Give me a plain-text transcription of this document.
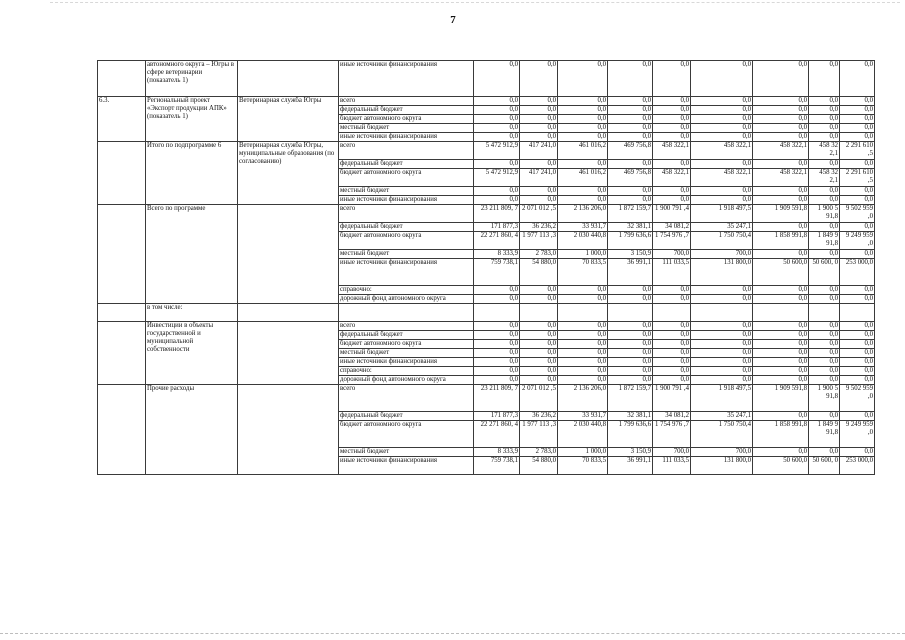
7
	автономного округа – Югры в сфере ветеринарии (показатель 1)		иные источники финансирования	0,0	0,0	0,0	0,0	0,0	0,0	0,0	0,0	0,0
6.3.	Региональный проект «Экспорт продукции АПК» (показатель 1)	Ветеринарная служба Югры	всего	0,0	0,0	0,0	0,0	0,0	0,0	0,0	0,0	0,0
			федеральный бюджет	0,0	0,0	0,0	0,0	0,0	0,0	0,0	0,0	0,0
			бюджет автономного округа	0,0	0,0	0,0	0,0	0,0	0,0	0,0	0,0	0,0
			местный бюджет	0,0	0,0	0,0	0,0	0,0	0,0	0,0	0,0	0,0
			иные источники финансирования	0,0	0,0	0,0	0,0	0,0	0,0	0,0	0,0	0,0
	Итого по подпрограмме 6	Ветеринарная служба Югры, муниципальные образования (по согласованию)	всего	5 472 912,9	417 241,0	461 016,2	469 756,8	458 322,1	458 322,1	458 322,1	458 32 2,1	2 291 610 ,5
			федеральный бюджет	0,0	0,0	0,0	0,0	0,0	0,0	0,0	0,0	0,0
			бюджет автономного округа	5 472 912,9	417 241,0	461 016,2	469 756,8	458 322,1	458 322,1	458 322,1	458 32 2,1	2 291 610 ,5
			местный бюджет	0,0	0,0	0,0	0,0	0,0	0,0	0,0	0,0	0,0
			иные источники финансирования	0,0	0,0	0,0	0,0	0,0	0,0	0,0	0,0	0,0
	Всего по программе		всего	23 211 809, 7	2 071 012 ,5	2 136 206,0	1 872 159,7	1 900 791 ,4	1 918 497,5	1 909 591,8	1 900 5 91,8	9 502 959 ,0
			федеральный бюджет	171 877,3	36 236,2	33 931,7	32 381,1	34 081,2	35 247,1	0,0	0,0	0,0
			бюджет автономного округа	22 271 860, 4	1 977 113 ,3	2 030 440,8	1 799 636,6	1 754 976 ,7	1 750 750,4	1 858 991,8	1 849 9 91,8	9 249 959 ,0
			местный бюджет	8 333,9	2 783,0	1 000,0	3 150,9	700,0	700,0	0,0	0,0	0,0
			иные источники финансирования	759 738,1	54 880,0	70 833,5	36 991,1	111 033,5	131 800,0	50 600,0	50 600, 0	253 000,0
			справочно:	0,0	0,0	0,0	0,0	0,0	0,0	0,0	0,0	0,0
			дорожный фонд автономного округа	0,0	0,0	0,0	0,0	0,0	0,0	0,0	0,0	0,0
	в том числе:											
	Инвестиции в объекты государственной и муниципальной собственности		всего	0,0	0,0	0,0	0,0	0,0	0,0	0,0	0,0	0,0
			федеральный бюджет	0,0	0,0	0,0	0,0	0,0	0,0	0,0	0,0	0,0
			бюджет автономного округа	0,0	0,0	0,0	0,0	0,0	0,0	0,0	0,0	0,0
			местный бюджет	0,0	0,0	0,0	0,0	0,0	0,0	0,0	0,0	0,0
			иные источники финансирования	0,0	0,0	0,0	0,0	0,0	0,0	0,0	0,0	0,0
			справочно:	0,0	0,0	0,0	0,0	0,0	0,0	0,0	0,0	0,0
			дорожный фонд автономного округа	0,0	0,0	0,0	0,0	0,0	0,0	0,0	0,0	0,0
	Прочие расходы		всего	23 211 809, 7	2 071 012 ,5	2 136 206,0	1 872 159,7	1 900 791 ,4	1 918 497,5	1 909 591,8	1 900 5 91,8	9 502 959 ,0
			федеральный бюджет	171 877,3	36 236,2	33 931,7	32 381,1	34 081,2	35 247,1	0,0	0,0	0,0
			бюджет автономного округа	22 271 860, 4	1 977 113 ,3	2 030 440,8	1 799 636,6	1 754 976 ,7	1 750 750,4	1 858 991,8	1 849 9 91,8	9 249 959 ,0
			местный бюджет	8 333,9	2 783,0	1 000,0	3 150,9	700,0	700,0	0,0	0,0	0,0
			иные источники финансирования	759 738,1	54 880,0	70 833,5	36 991,1	111 033,5	131 800,0	50 600,0	50 600, 0	253 000,0
